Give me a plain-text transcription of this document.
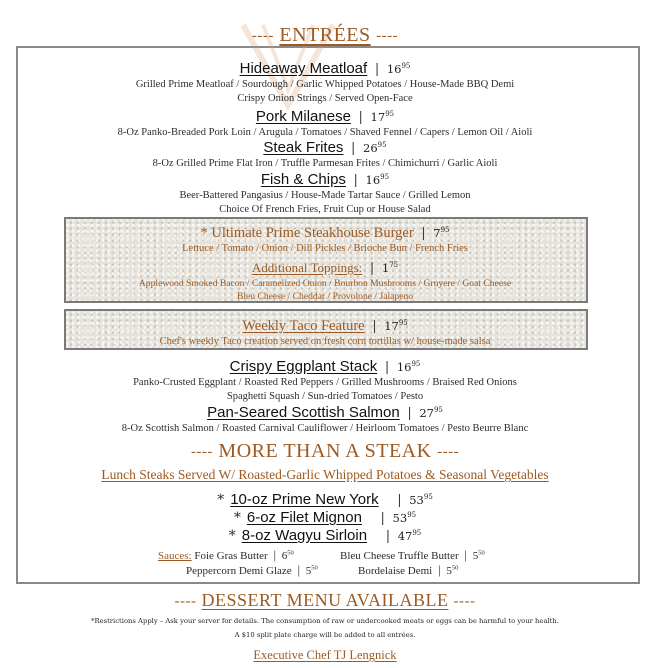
---- ENTRÉES ----
Hideaway Meatloaf | $16^{95}$
Grilled Prime Meatloaf / Sourdough / Garlic Whipped Potatoes / House-Made BBQ Demi
Crispy Onion Strings / Served Open-Face
Pork Milanese | $17^{95}$
8-Oz Panko-Breaded Pork Loin / Arugula / Tomatoes / Shaved Fennel / Capers / Lemon Oil / Aioli
Steak Frites | $26^{95}$
8-Oz Grilled Prime Flat Iron / Truffle Parmesan Frites / Chimichurri / Garlic Aioli
Fish & Chips | $16^{95}$
Beer-Battered Pangasius / House-Made Tartar Sauce / Grilled Lemon
Choice Of French Fries, Fruit Cup or House Salad
* Ultimate Prime Steakhouse Burger | $7^{95}$
Lettuce / Tomato / Onion / Dill Pickles / Brioche Bun / French Fries
Additional Toppings: | $1^{75}$
Applewood Smoked Bacon / Caramelized Onion / Bourbon Mushrooms / Gruyere / Goat Cheese
Bleu Cheese / Cheddar / Provolone / Jalapeno
Weekly Taco Feature | $17^{95}$
Chef's weekly Taco creation served on fresh corn tortillas w/ house-made salsa
Crispy Eggplant Stack | $16^{95}$
Panko-Crusted Eggplant / Roasted Red Peppers / Grilled Mushrooms / Braised Red Onions
Spaghetti Squash / Sun-dried Tomatoes / Pesto
Pan-Seared Scottish Salmon | $27^{95}$
8-Oz Scottish Salmon / Roasted Carnival Cauliflower / Heirloom Tomatoes / Pesto Beurre Blanc
---- MORE THAN A STEAK ----
Lunch Steaks Served W/ Roasted-Garlic Whipped Potatoes & Seasonal Vegetables
* 10-oz Prime New York | $53^{95}$
* 6-oz Filet Mignon | $53^{95}$
* 8-oz Wagyu Sirloin | $47^{95}$
Sauces: Foie Gras Butter | $6^{50}$	Bleu Cheese Truffle Butter | $5^{50}$
Peppercorn Demi Glaze | $5^{50}$	Bordelaise Demi | $5^{50}$
---- DESSERT MENU AVAILABLE ----
*Restrictions Apply – Ask your server for details. The consumption of raw or undercooked meats or eggs can be harmful to your health.
A $10 split plate charge will be added to all entrées.
Executive Chef TJ Lengnick
